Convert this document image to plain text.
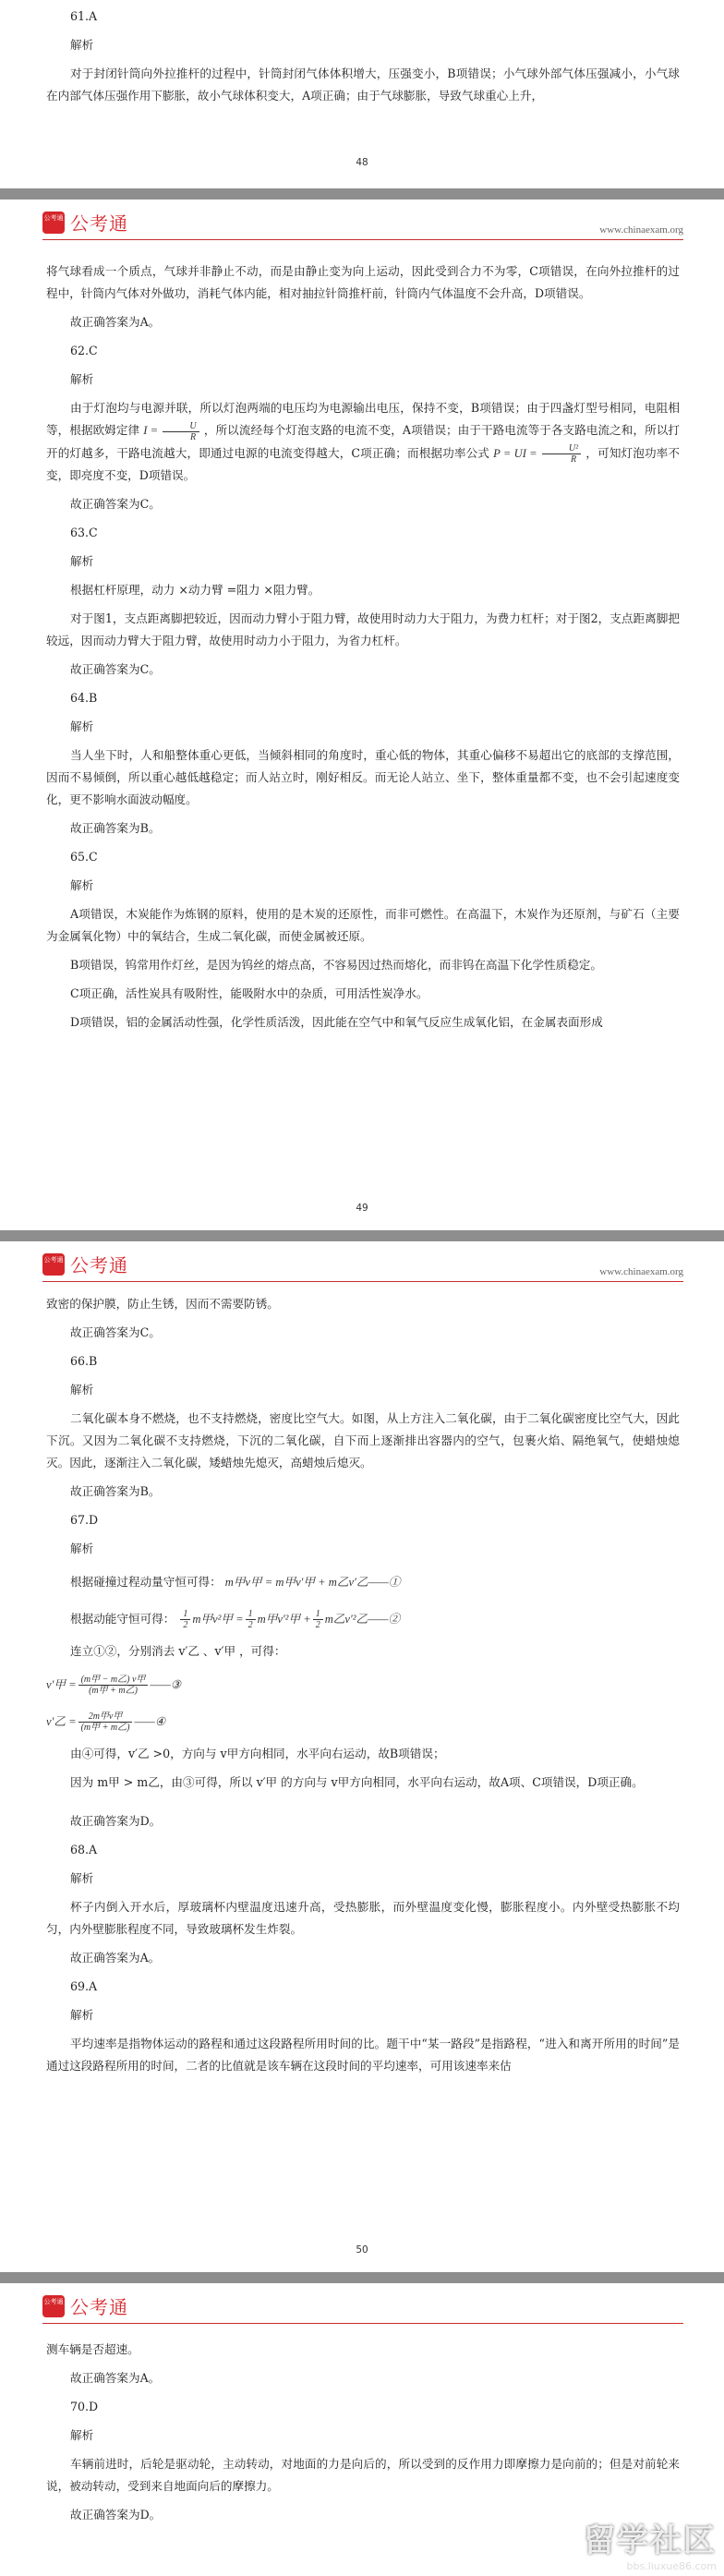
61.A

解析

对于封闭针筒向外拉推杆的过程中，针筒封闭气体体积增大，压强变小，B项错误；小气球外部气体压强减小，小气球在内部气体压强作用下膨胀，故小气球体积变大，A项正确；由于气球膨胀，导致气球重心上升，

48
公考通 公考通	www.chinaexam.org

将气球看成一个质点，气球并非静止不动，而是由静止变为向上运动，因此受到合力不为零，C项错误，在向外拉推杆的过程中，针筒内气体对外做功，消耗气体内能，相对抽拉针筒推杆前，针筒内气体温度不会升高，D项错误。

故正确答案为A。

62.C

解析

由于灯泡均与电源并联，所以灯泡两端的电压均为电源输出电压，保持不变，B项错误；由于四盏灯型号相同，电阻相等，根据欧姆定律 $I = \frac{U}{R}$ ，所以流经每个灯泡支路的电流不变，A项错误；由于干路电流等于各支路电流之和，所以打开的灯越多，干路电流越大，即通过电源的电流变得越大，C项正确；而根据功率公式 P = UI = $\frac{\text{U²}}{R}$ ，可知灯泡功率不变，即亮度不变，D项错误。

故正确答案为C。

63.C

解析

根据杠杆原理，动力 ×动力臂 =阻力 ×阻力臂。

对于图1，支点距离脚把较近，因而动力臂小于阻力臂，故使用时动力大于阻力，为费力杠杆；对于图2，支点距离脚把较远，因而动力臂大于阻力臂，故使用时动力小于阻力，为省力杠杆。

故正确答案为C。

64.B

解析

当人坐下时，人和船整体重心更低，当倾斜相同的角度时，重心低的物体，其重心偏移不易超出它的底部的支撑范围，因而不易倾倒，所以重心越低越稳定；而人站立时，刚好相反。而无论人站立、坐下，整体重量都不变，也不会引起速度变化，更不影响水面波动幅度。

故正确答案为B。

65.C

解析

A项错误，木炭能作为炼钢的原料，使用的是木炭的还原性，而非可燃性。在高温下，木炭作为还原剂，与矿石（主要为金属氧化物）中的氧结合，生成二氧化碳，而使金属被还原。

B项错误，钨常用作灯丝，是因为钨丝的熔点高，不容易因过热而熔化，而非钨在高温下化学性质稳定。

C项正确，活性炭具有吸附性，能吸附水中的杂质，可用活性炭净水。

D项错误，铝的金属活动性强，化学性质活泼，因此能在空气中和氧气反应生成氧化铝，在金属表面形成

49
公考通 公考通	www.chinaexam.org

致密的保护膜，防止生锈，因而不需要防锈。

故正确答案为C。

66.B

解析

二氧化碳本身不燃烧，也不支持燃烧，密度比空气大。如图，从上方注入二氧化碳，由于二氧化碳密度比空气大，因此下沉。又因为二氧化碳不支持燃烧，下沉的二氧化碳，自下而上逐渐排出容器内的空气，包裹火焰、隔绝氧气，使蜡烛熄灭。因此，逐渐注入二氧化碳，矮蜡烛先熄灭，高蜡烛后熄灭。

故正确答案为B。

67.D

解析

根据碰撞过程动量守恒可得： m甲v甲 = m甲v′甲 + m乙v′乙——①
根据动能守恒可得： $\frac{1}{2}$ m甲v²甲 = $\frac{1}{2}$ m甲v′²甲 + $\frac{1}{2}$ m乙v′²乙——②

连立①②，分别消去 v′乙 、v′甲 ，可得：

v′甲 = $\frac{\text{(m甲 − m乙) v甲}}{\text{(m甲 + m乙)}}$ ——③
v′乙 = $\frac{\text{2m甲v甲}}{\text{(m甲 + m乙)}}$ ——④

由④可得，v′乙 >0，方向与 v甲方向相同，水平向右运动，故B项错误；

因为 m甲 > m乙，由③可得，所以 v′甲 的方向与 v甲方向相同，水平向右运动，故A项、C项错误，D项正确。

故正确答案为D。

68.A

解析

杯子内倒入开水后，厚玻璃杯内壁温度迅速升高，受热膨胀，而外壁温度变化慢，膨胀程度小。内外壁受热膨胀不均匀，内外壁膨胀程度不同，导致玻璃杯发生炸裂。

故正确答案为A。

69.A

解析

平均速率是指物体运动的路程和通过这段路程所用时间的比。题干中“某一路段”是指路程，“进入和离开所用的时间”是通过这段路程所用的时间，二者的比值就是该车辆在这段时间的平均速率，可用该速率来估

50
公考通 公考通

测车辆是否超速。

故正确答案为A。

70.D

解析

车辆前进时，后轮是驱动轮，主动转动，对地面的力是向后的，所以受到的反作用力即摩擦力是向前的；但是对前轮来说，被动转动，受到来自地面向后的摩擦力。

故正确答案为D。

留学社区
bbs.liuxue86.com
